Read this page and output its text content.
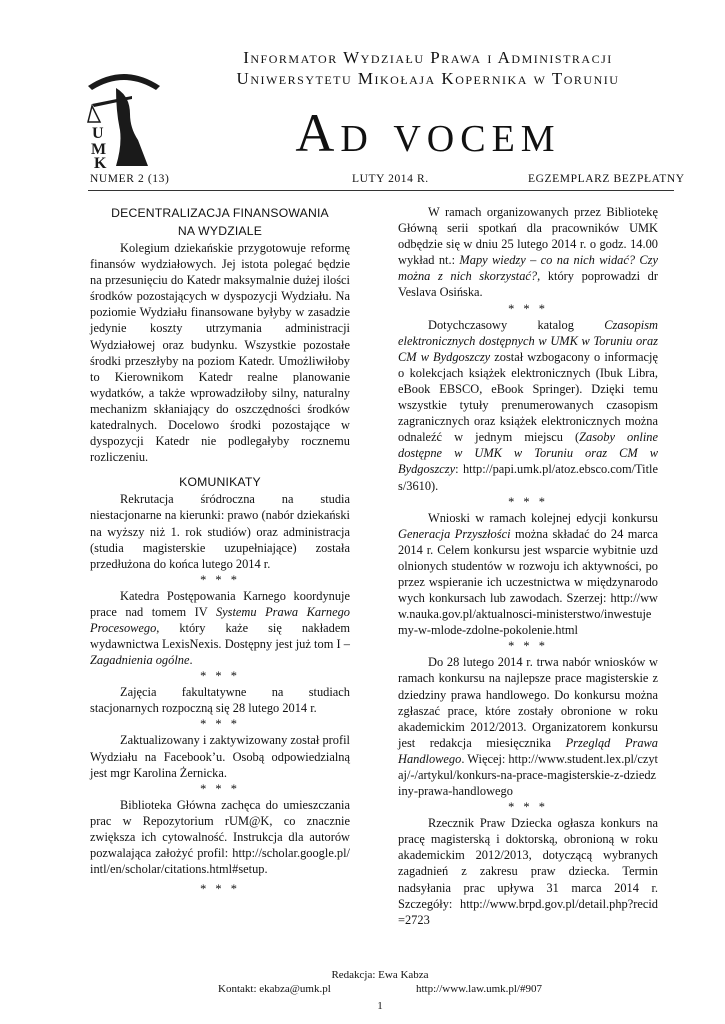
U
M
K
Informator Wydziału Prawa i Administracji
Uniwersytetu Mikołaja Kopernika w Toruniu
Ad vocem
NUMER 2 (13)	LUTY 2014 R.	EGZEMPLARZ BEZPŁATNY
DECENTRALIZACJA FINANSOWANIA
NA WYDZIALE

Kolegium dziekańskie przygotowuje reformę finansów wydziałowych. Jej istota polegać będzie na przesunięciu do Katedr maksymalnie dużej ilości środków pozostających w dyspozycji Wydziału. Na poziomie Wydziału finansowane byłyby w zasadzie jedynie koszty utrzymania administracji Wydziałowej oraz budynku. Wszystkie pozostałe środki przeszłyby na poziom Katedr. Umożliwiłoby to Kierownikom Katedr realne planowanie wydatków, a także wprowadziłoby silny, naturalny mechanizm skłaniający do oszczędności środków katedralnych. Docelowo środki pozostające w dyspozycji Katedr nie podlegałyby rocznemu rozliczeniu.

KOMUNIKATY

Rekrutacja śródroczna na studia niestacjonarne na kierunki: prawo (nabór dziekański na wyższy niż 1. rok studiów) oraz administracja (studia magisterskie uzupełniające) została przedłużona do końca lutego 2014 r.

* * *

Katedra Postępowania Karnego koordynuje prace nad tomem IV Systemu Prawa Karnego Procesowego, który każe się nakładem wydawnictwa LexisNexis. Dostępny jest już tom I – Zagadnienia ogólne.

* * *

Zajęcia fakultatywne na studiach stacjonarnych rozpoczną się 28 lutego 2014 r.

* * *

Zaktualizowany i zaktywizowany został profil Wydziału na Facebook’u. Osobą odpowiedzialną jest mgr Karolina Żernicka.

* * *

Biblioteka Główna zachęca do umieszczania prac w Repozytorium rUM@K, co znacznie zwiększa ich cytowalność. Instrukcja dla autorów pozwalająca założyć profil: http://scholar.google.pl/intl/en/scholar/citations.html#setup.

* * *

W ramach organizowanych przez Bibliotekę Główną serii spotkań dla pracowników UMK odbędzie się w dniu 25 lutego 2014 r. o godz. 14.00 wykład nt.: Mapy wiedzy – co na nich widać? Czy można z nich skorzystać?, który poprowadzi dr Veslava Osińska.

* * *

Dotychczasowy katalog Czasopism elektronicznych dostępnych w UMK w Toruniu oraz CM w Bydgoszczy został wzbogacony o informację o kolekcjach książek elektronicznych (Ibuk Libra, eBook EBSCO, eBook Springer). Dzięki temu wszystkie tytuły prenumerowanych czasopism zagranicznych oraz książek elektronicznych można odnaleźć w jednym miejscu (Zasoby online dostępne w UMK w Toruniu oraz CM w Bydgoszczy: http://papi.umk.pl/atoz.ebsco.com/Titles/3610).

* * *

Wnioski w ramach kolejnej edycji konkursu Generacja Przyszłości można składać do 24 marca 2014 r. Celem konkursu jest wsparcie wybitnie uzdolnionych studentów w rozwoju ich aktywności, poprzez wspieranie ich uczestnictwa w międzynarodowych konkursach lub zawodach. Szerzej: http://www.nauka.gov.pl/aktualnosci-ministerstwo/inwestujemy-w-mlode-zdolne-pokolenie.html

* * *

Do 28 lutego 2014 r. trwa nabór wniosków w ramach konkursu na najlepsze prace magisterskie z dziedziny prawa handlowego. Do konkursu można zgłaszać prace, które zostały obronione w roku akademickim 2012/2013. Organizatorem konkursu jest redakcja miesięcznika Przegląd Prawa Handlowego. Więcej: http://www.student.lex.pl/czytaj/-/artykul/konkurs-na-prace-magisterskie-z-dziedziny-prawa-handlowego

* * *

Rzecznik Praw Dziecka ogłasza konkurs na pracę magisterską i doktorską, obronioną w roku akademickim 2012/2013, dotyczącą wybranych zagadnień z zakresu praw dziecka. Termin nadsyłania prac upływa 31 marca 2014 r. Szczegóły: http://www.brpd.gov.pl/detail.php?recid=2723

Redakcja: Ewa Kabza
Kontakt: ekabza@umk.pl	http://www.law.umk.pl/#907
1
